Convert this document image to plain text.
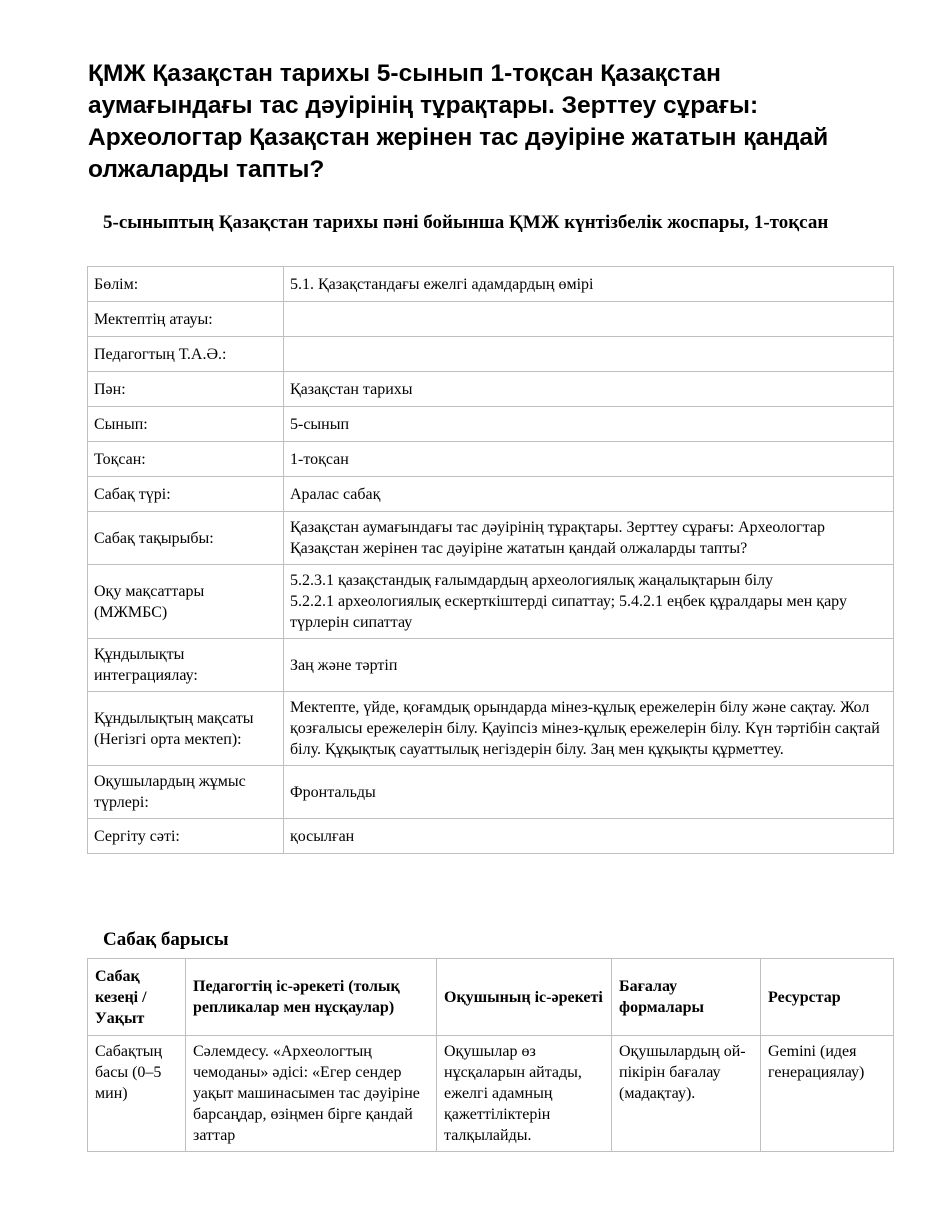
ҚМЖ Қазақстан тарихы 5-сынып 1-тоқсан Қазақстан аумағындағы тас дәуірінің тұрақтары. Зерттеу сұрағы: Археологтар Қазақстан жерінен тас дәуіріне жататын қандай олжаларды тапты?
5-сыныптың Қазақстан тарихы пәні бойынша ҚМЖ күнтізбелік жоспары, 1-тоқсан
Бөлім:	5.1. Қазақстандағы ежелгі адамдардың өмірі
Мектептің атауы:	
Педагогтың Т.А.Ә.:	
Пән:	Қазақстан тарихы
Сынып:	5-сынып
Тоқсан:	1-тоқсан
Сабақ түрі:	Аралас сабақ
Сабақ тақырыбы:	Қазақстан аумағындағы тас дәуірінің тұрақтары. Зерттеу сұрағы: Археологтар Қазақстан жерінен тас дәуіріне жататын қандай олжаларды тапты?
Оқу мақсаттары (МЖМБС)	5.2.3.1 қазақстандық ғалымдардың археологиялық жаңалықтарын білу
5.2.2.1 археологиялық ескерткіштерді сипаттау; 5.4.2.1 еңбек құралдары мен қару түрлерін сипаттау
Құндылықты интеграциялау:	Заң және тәртіп
Құндылықтың мақсаты (Негізгі орта мектеп):	Мектепте, үйде, қоғамдық орындарда мінез-құлық ережелерін білу және сақтау. Жол қозғалысы ережелерін білу. Қауіпсіз мінез-құлық ережелерін білу. Күн тәртібін сақтай білу. Құқықтық сауаттылық негіздерін білу. Заң мен құқықты құрметтеу.
Оқушылардың жұмыс түрлері:	Фронтальды
Сергіту сәті:	қосылған
Сабақ барысы
Сабақ кезеңі / Уақыт	Педагогтің іс-әрекеті (толық репликалар мен нұсқаулар)	Оқушының іс-әрекеті	Бағалау формалары	Ресурстар

Сабақтың басы (0–5 мин)	Сәлемдесу. «Археологтың чемоданы» әдісі: «Егер сендер уақыт машинасымен тас дәуіріне барсаңдар, өзіңмен бірге қандай заттар	Оқушылар өз нұсқаларын айтады, ежелгі адамның қажеттіліктерін талқылайды.	Оқушылардың ой-пікірін бағалау (мадақтау).	Gemini (идея генерациялау)
